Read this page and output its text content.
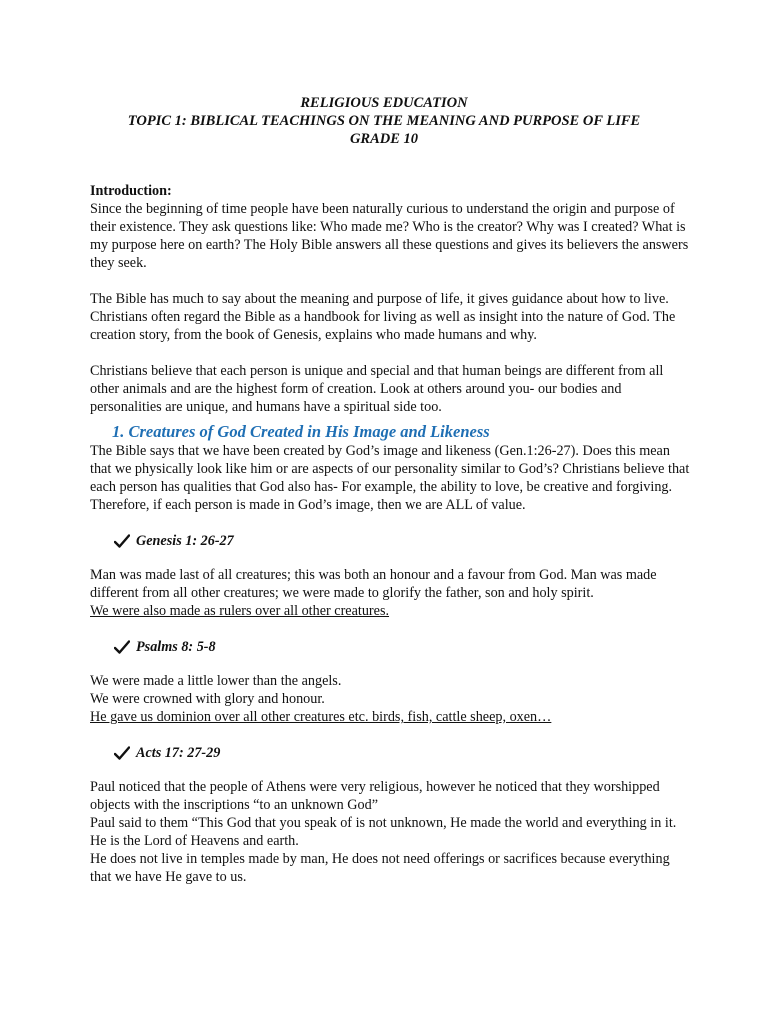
RELIGIOUS EDUCATION
TOPIC 1: BIBLICAL TEACHINGS ON THE MEANING AND PURPOSE OF LIFE
GRADE 10

Introduction:

Since the beginning of time people have been naturally curious to understand the origin and purpose of their existence. They ask questions like: Who made me? Who is the creator? Why was I created? What is my purpose here on earth? The Holy Bible answers all these questions and gives its believers the answers they seek.

The Bible has much to say about the meaning and purpose of life, it gives guidance about how to live. Christians often regard the Bible as a handbook for living as well as insight into the nature of God. The creation story, from the book of Genesis, explains who made humans and why.

Christians believe that each person is unique and special and that human beings are different from all other animals and are the highest form of creation. Look at others around you- our bodies and personalities are unique, and humans have a spiritual side too.

1. Creatures of God Created in His Image and Likeness

The Bible says that we have been created by God’s image and likeness (Gen.1:26-27). Does this mean that we physically look like him or are aspects of our personality similar to God’s? Christians believe that each person has qualities that God also has- For example, the ability to love, be creative and forgiving. Therefore, if each person is made in God’s image, then we are ALL of value.

Genesis 1: 26-27

Man was made last of all creatures; this was both an honour and a favour from God. Man was made different from all other creatures; we were made to glorify the father, son and holy spirit.

We were also made as rulers over all other creatures.

Psalms 8: 5-8

We were made a little lower than the angels.

We were crowned with glory and honour.

He gave us dominion over all other creatures etc. birds, fish, cattle sheep, oxen…

Acts 17: 27-29

Paul noticed that the people of Athens were very religious, however he noticed that they worshipped objects with the inscriptions “to an unknown God”

Paul said to them “This God that you speak of is not unknown, He made the world and everything in it. He is the Lord of Heavens and earth.

He does not live in temples made by man, He does not need offerings or sacrifices because everything that we have He gave to us.
